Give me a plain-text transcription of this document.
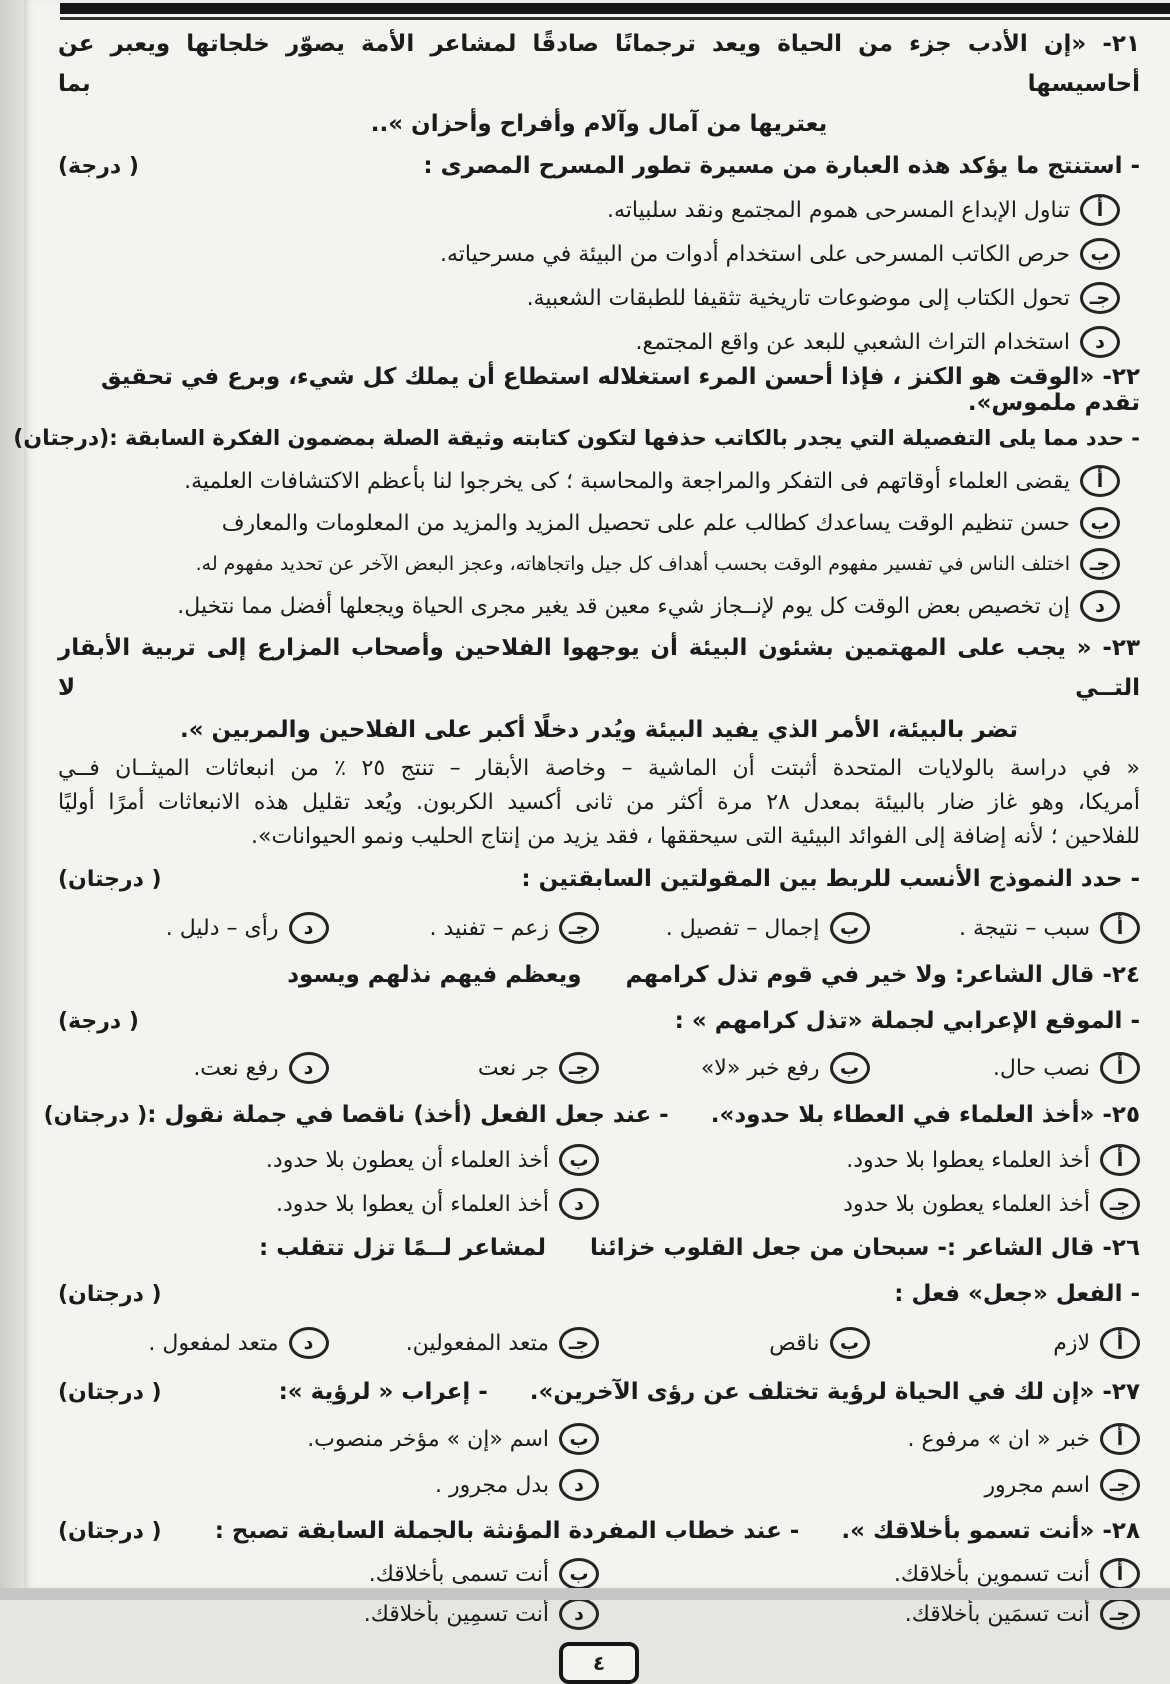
٢١- «إن الأدب جزء من الحياة ويعد ترجمانًا صادقًا لمشاعر الأمة يصوّر خلجاتها ويعبر عن أحاسيسها بما
يعتريها من آمال وآلام وأفراح وأحزان »..
- استنتج ما يؤكد هذه العبارة من مسيرة تطور المسرح المصرى :
( درجة)
أ
تناول الإبداع المسرحى هموم المجتمع ونقد سلبياته.
ب
حرص الكاتب المسرحى على استخدام أدوات من البيئة في مسرحياته.
جـ
تحول الكتاب إلى موضوعات تاريخية تثقيفا للطبقات الشعبية.
د
استخدام التراث الشعبي للبعد عن واقع المجتمع.
٢٢- «الوقت هو الكنز ، فإذا أحسن المرء استغلاله استطاع أن يملك كل شيء، وبرع في تحقيق تقدم ملموس».
- حدد مما يلى التفصيلة التي يجدر بالكاتب حذفها لتكون كتابته وثيقة الصلة بمضمون الفكرة السابقة :
(درجتان)
أ
يقضى العلماء أوقاتهم فى التفكر والمراجعة والمحاسبة ؛ كى يخرجوا لنا بأعظم الاكتشافات العلمية.
ب
حسن تنظيم الوقت يساعدك كطالب علم على تحصيل المزيد والمزيد من المعلومات والمعارف
جـ
اختلف الناس في تفسير مفهوم الوقت بحسب أهداف كل جيل واتجاهاته، وعجز البعض الآخر عن تحديد مفهوم له.
د
إن تخصيص بعض الوقت كل يوم لإنــجاز شيء معين قد يغير مجرى الحياة ويجعلها أفضل مما نتخيل.
٢٣- « يجب على المهتمين بشئون البيئة أن يوجهوا الفلاحين وأصحاب المزارع إلى تربية الأبقار التــي لا
تضر بالبيئة، الأمر الذي يفيد البيئة ويُدر دخلًا أكبر على الفلاحين والمربين ».
« في دراسة بالولايات المتحدة أثبتت أن الماشية – وخاصة الأبقار – تنتج ٢٥ ٪ من انبعاثات الميثــان فــي
أمريكا، وهو غاز ضار بالبيئة بمعدل ٢٨ مرة أكثر من ثانى أكسيد الكربون. ويُعد تقليل هذه الانبعاثات أمرًا أوليًا
للفلاحين ؛ لأنه إضافة إلى الفوائد البيئية التى سيحققها ، فقد يزيد من إنتاج الحليب ونمو الحيوانات».
- حدد النموذج الأنسب للربط بين المقولتين السابقتين :
( درجتان)
أ
سبب – نتيجة .
ب
إجمال – تفصيل .
جـ
زعم – تفنيد .
د
رأى – دليل .
٢٤- قال الشاعر: ولا خير في قوم تذل كرامهم
ويعظم فيهم نذلهم ويسود
- الموقع الإعرابي لجملة «تذل كرامهم » :
( درجة)
أ
نصب حال.
ب
رفع خبر «لا»
جـ
جر نعت
د
رفع نعت.
٢٥- «أخذ العلماء في العطاء بلا حدود».
- عند جعل الفعل (أخذ) ناقصا في جملة نقول :
( درجتان)
أ
أخذ العلماء يعطوا بلا حدود.
ب
أخذ العلماء أن يعطون بلا حدود.
جـ
أخذ العلماء يعطون بلا حدود
د
أخذ العلماء أن يعطوا بلا حدود.
٢٦- قال الشاعر :- سبحان من جعل القلوب خزائنا
لمشاعر لــمًا تزل تتقلب :
- الفعل «جعل» فعل :
( درجتان)
أ
لازم
ب
ناقص
جـ
متعد المفعولين.
د
متعد لمفعول .
٢٧- «إن لك في الحياة لرؤية تختلف عن رؤى الآخرين».
- إعراب « لرؤية »:
( درجتان)
أ
خبر « ان » مرفوع .
ب
اسم «إن » مؤخر منصوب.
جـ
اسم مجرور
د
بدل مجرور .
٢٨- «أنت تسمو بأخلاقك ».
- عند خطاب المفردة المؤنثة بالجملة السابقة تصبح :
( درجتان)
أ
أنت تسموين بأخلاقك.
ب
أنت تسمى بأخلاقك.
جـ
أنت تسمَين بأخلاقك.
د
أنت تسمِين بأخلاقك.
٤
